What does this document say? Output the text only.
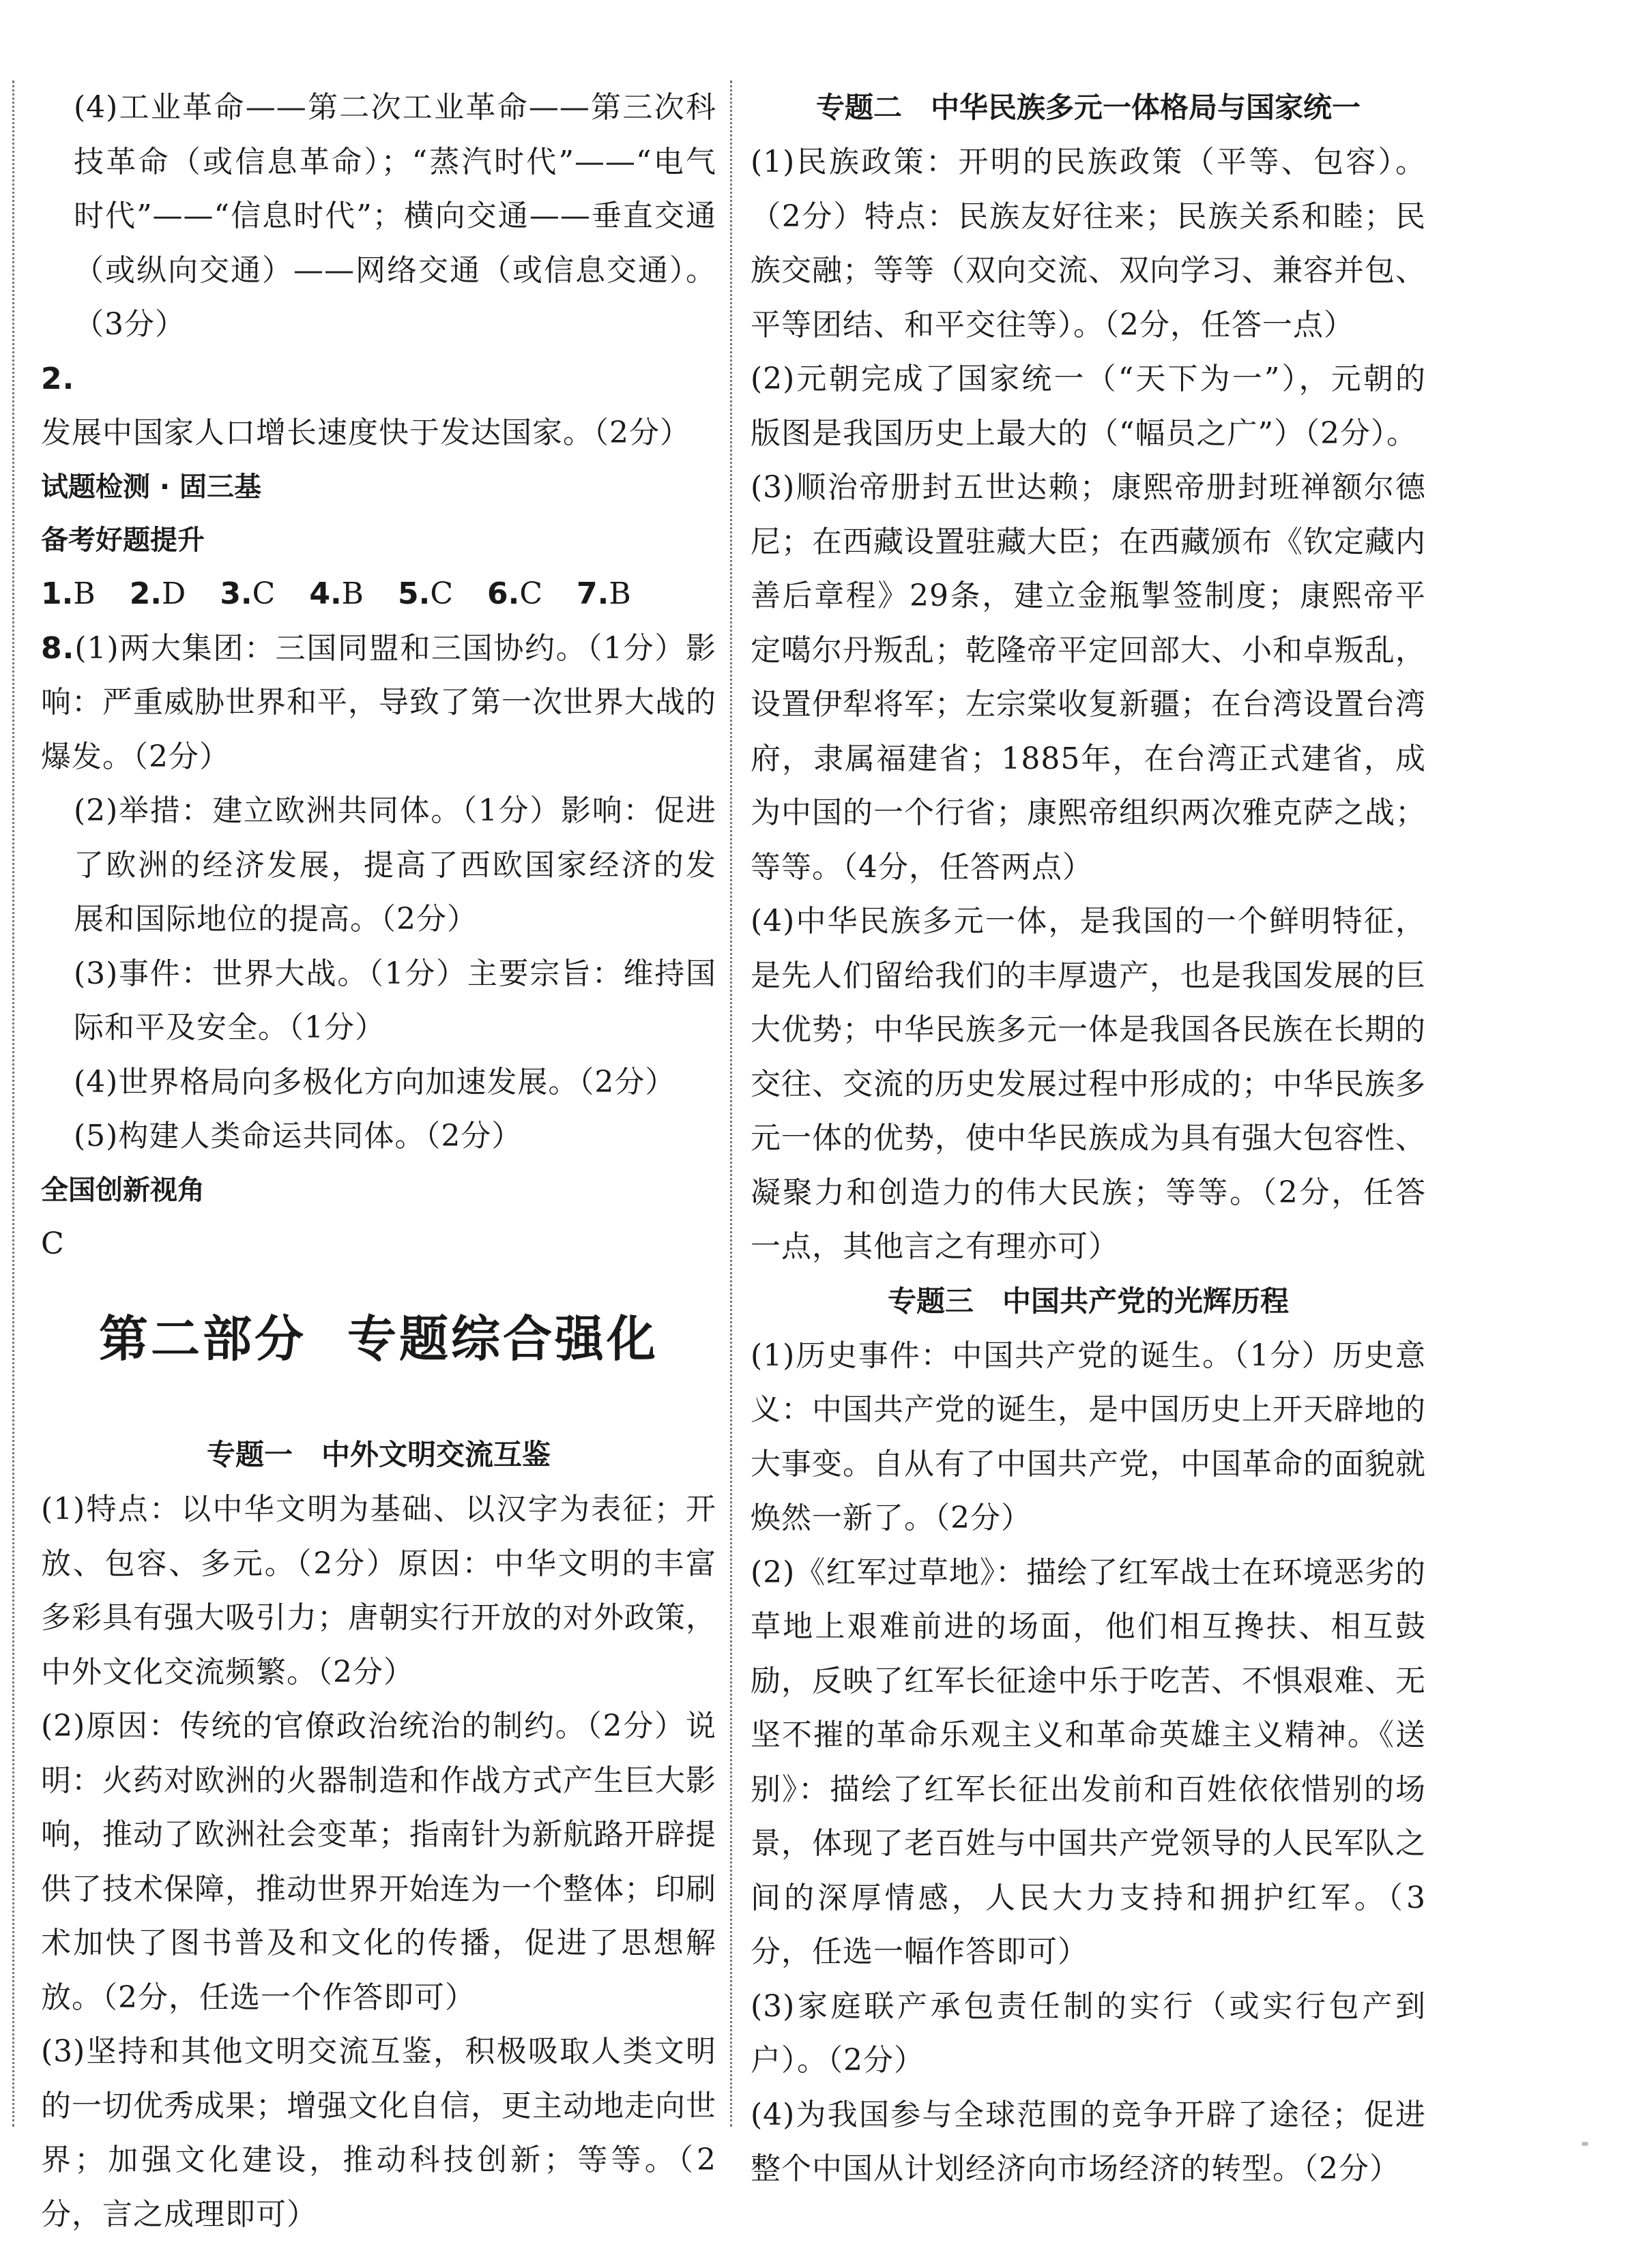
(4)工业革命——第二次工业革命——第三次科技革命（或信息革命）；“蒸汽时代”——“电气时代”——“信息时代”；横向交通——垂直交通（或纵向交通）——网络交通（或信息交通）。（3分）

2.发展中国家人口增长速度快于发达国家。（2分）

试题检测 · 固三基

备考好题提升

1.B 2.D 3.C 4.B 5.C 6.C 7.B

8.(1)两大集团：三国同盟和三国协约。（1分）影响：严重威胁世界和平，导致了第一次世界大战的爆发。（2分）

(2)举措：建立欧洲共同体。（1分）影响：促进了欧洲的经济发展，提高了西欧国家经济的发展和国际地位的提高。（2分）

(3)事件：世界大战。（1分）主要宗旨：维持国际和平及安全。（1分）

(4)世界格局向多极化方向加速发展。（2分）

(5)构建人类命运共同体。（2分）

全国创新视角

C

第二部分 专题综合强化

专题一　中外文明交流互鉴

(1)特点：以中华文明为基础、以汉字为表征；开放、包容、多元。（2分）原因：中华文明的丰富多彩具有强大吸引力；唐朝实行开放的对外政策，中外文化交流频繁。（2分）

(2)原因：传统的官僚政治统治的制约。（2分）说明：火药对欧洲的火器制造和作战方式产生巨大影响，推动了欧洲社会变革；指南针为新航路开辟提供了技术保障，推动世界开始连为一个整体；印刷术加快了图书普及和文化的传播，促进了思想解放。（2分，任选一个作答即可）

(3)坚持和其他文明交流互鉴，积极吸取人类文明的一切优秀成果；增强文化自信，更主动地走向世界；加强文化建设，推动科技创新；等等。（2分，言之成理即可）

专题二　中华民族多元一体格局与国家统一

(1)民族政策：开明的民族政策（平等、包容）。（2分）特点：民族友好往来；民族关系和睦；民族交融；等等（双向交流、双向学习、兼容并包、平等团结、和平交往等）。（2分，任答一点）

(2)元朝完成了国家统一（“天下为一”），元朝的版图是我国历史上最大的（“幅员之广”）（2分）。

(3)顺治帝册封五世达赖；康熙帝册封班禅额尔德尼；在西藏设置驻藏大臣；在西藏颁布《钦定藏内善后章程》29条，建立金瓶掣签制度；康熙帝平定噶尔丹叛乱；乾隆帝平定回部大、小和卓叛乱，设置伊犁将军；左宗棠收复新疆；在台湾设置台湾府，隶属福建省；1885年，在台湾正式建省，成为中国的一个行省；康熙帝组织两次雅克萨之战；等等。（4分，任答两点）

(4)中华民族多元一体，是我国的一个鲜明特征，是先人们留给我们的丰厚遗产，也是我国发展的巨大优势；中华民族多元一体是我国各民族在长期的交往、交流的历史发展过程中形成的；中华民族多元一体的优势，使中华民族成为具有强大包容性、凝聚力和创造力的伟大民族；等等。（2分，任答一点，其他言之有理亦可）

专题三　中国共产党的光辉历程

(1)历史事件：中国共产党的诞生。（1分）历史意义：中国共产党的诞生，是中国历史上开天辟地的大事变。自从有了中国共产党，中国革命的面貌就焕然一新了。（2分）

(2)《红军过草地》：描绘了红军战士在环境恶劣的草地上艰难前进的场面，他们相互搀扶、相互鼓励，反映了红军长征途中乐于吃苦、不惧艰难、无坚不摧的革命乐观主义和革命英雄主义精神。《送别》：描绘了红军长征出发前和百姓依依惜别的场景，体现了老百姓与中国共产党领导的人民军队之间的深厚情感，人民大力支持和拥护红军。（3分，任选一幅作答即可）

(3)家庭联产承包责任制的实行（或实行包产到户）。（2分）

(4)为我国参与全球范围的竞争开辟了途径；促进整个中国从计划经济向市场经济的转型。（2分）
